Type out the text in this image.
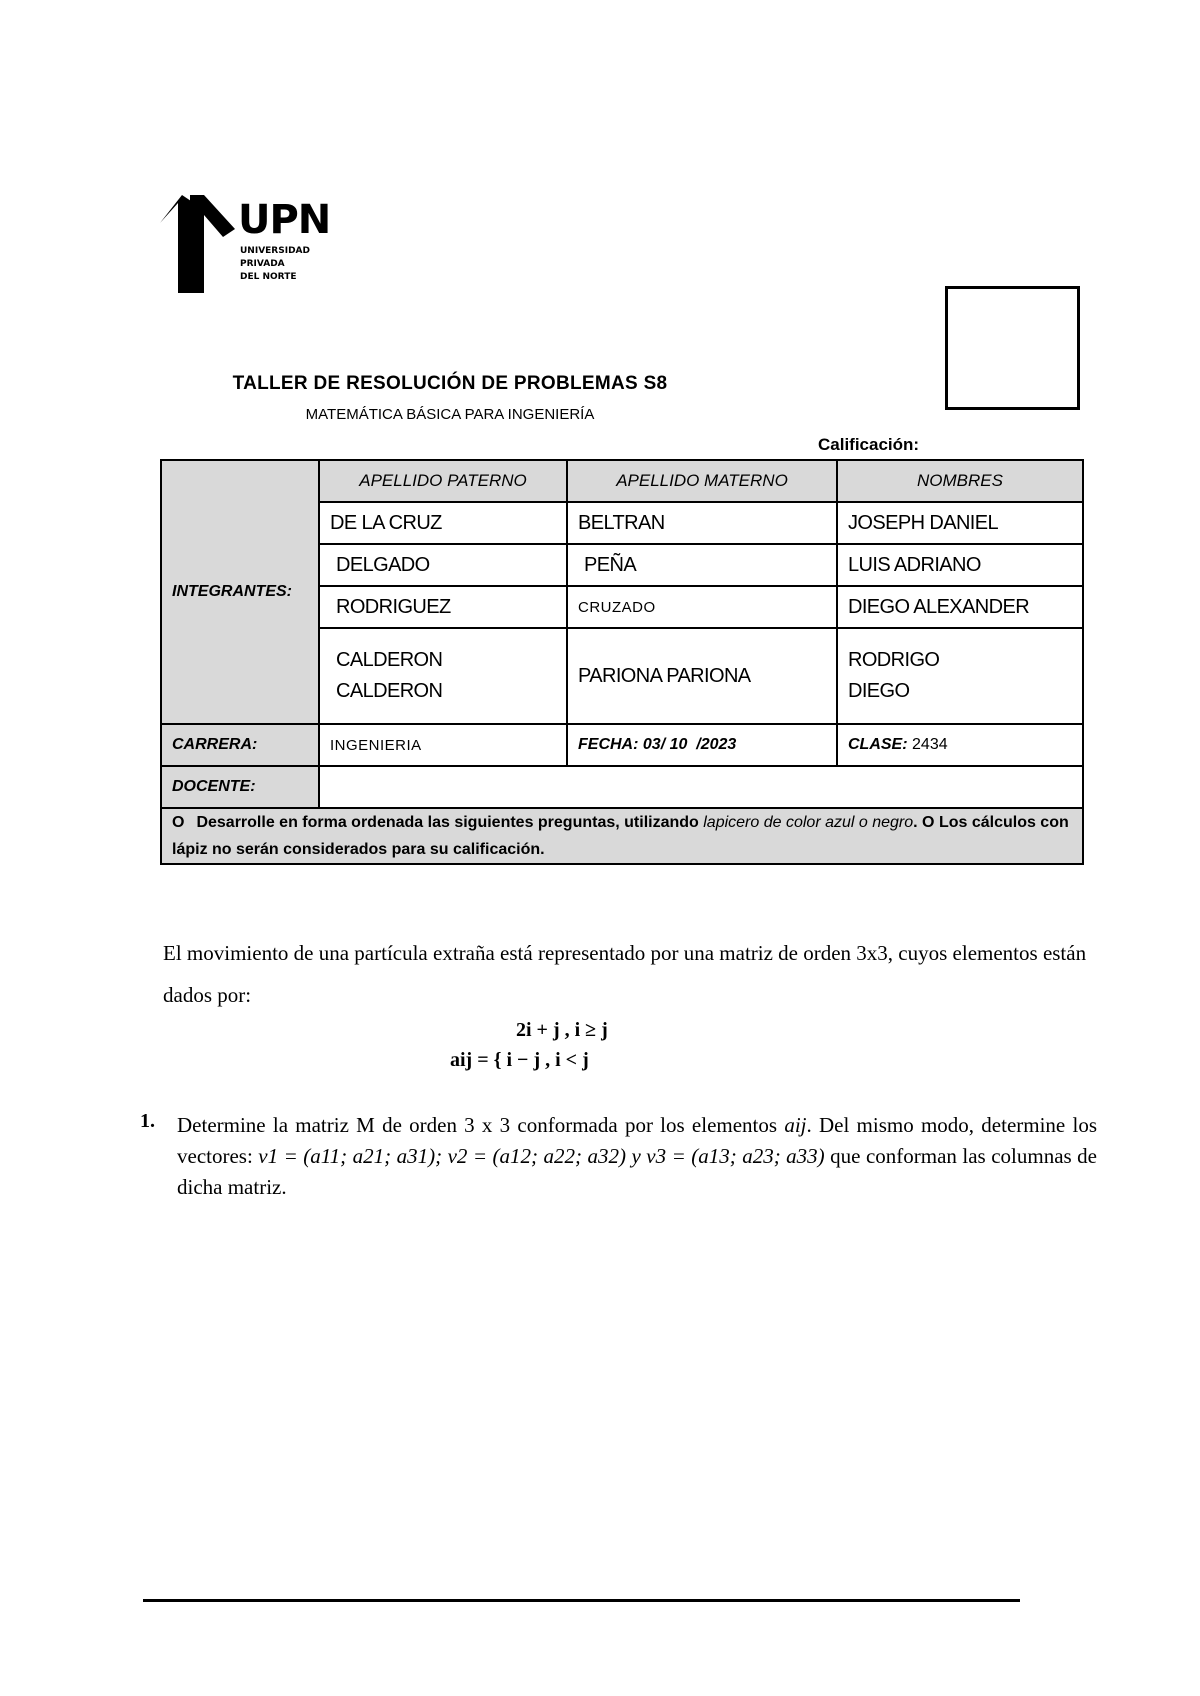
UPN
UNIVERSIDAD
PRIVADA
DEL NORTE
TALLER DE RESOLUCIÓN DE PROBLEMAS S8
MATEMÁTICA BÁSICA PARA INGENIERÍA
Calificación:
INTEGRANTES:	APELLIDO PATERNO	APELLIDO MATERNO	NOMBRES
	DE LA CRUZ	BELTRAN	JOSEPH DANIEL
	DELGADO	PEÑA	LUIS ADRIANO
	RODRIGUEZ	CRUZADO	DIEGO ALEXANDER
	CALDERON CALDERON	PARIONA PARIONA	RODRIGO DIEGO
CARRERA:	INGENIERIA	FECHA: 03/ 10  /2023	CLASE: 2434
DOCENTE:			
O Desarrolle en forma ordenada las siguientes preguntas, utilizando lapicero de color azul o negro. O Los cálculos con lápiz no serán considerados para su calificación.			
El movimiento de una partícula extraña está representado por una matriz de orden 3x3, cuyos elementos están dados por:
2i + j , i ≥ j
aij = { i − j , i < j
1. Determine la matriz M de orden 3 x 3 conformada por los elementos aij. Del mismo modo, determine los vectores: v1 = (a11; a21; a31); v2 = (a12; a22; a32) y v3 = (a13; a23; a33) que conforman las columnas de dicha matriz.
